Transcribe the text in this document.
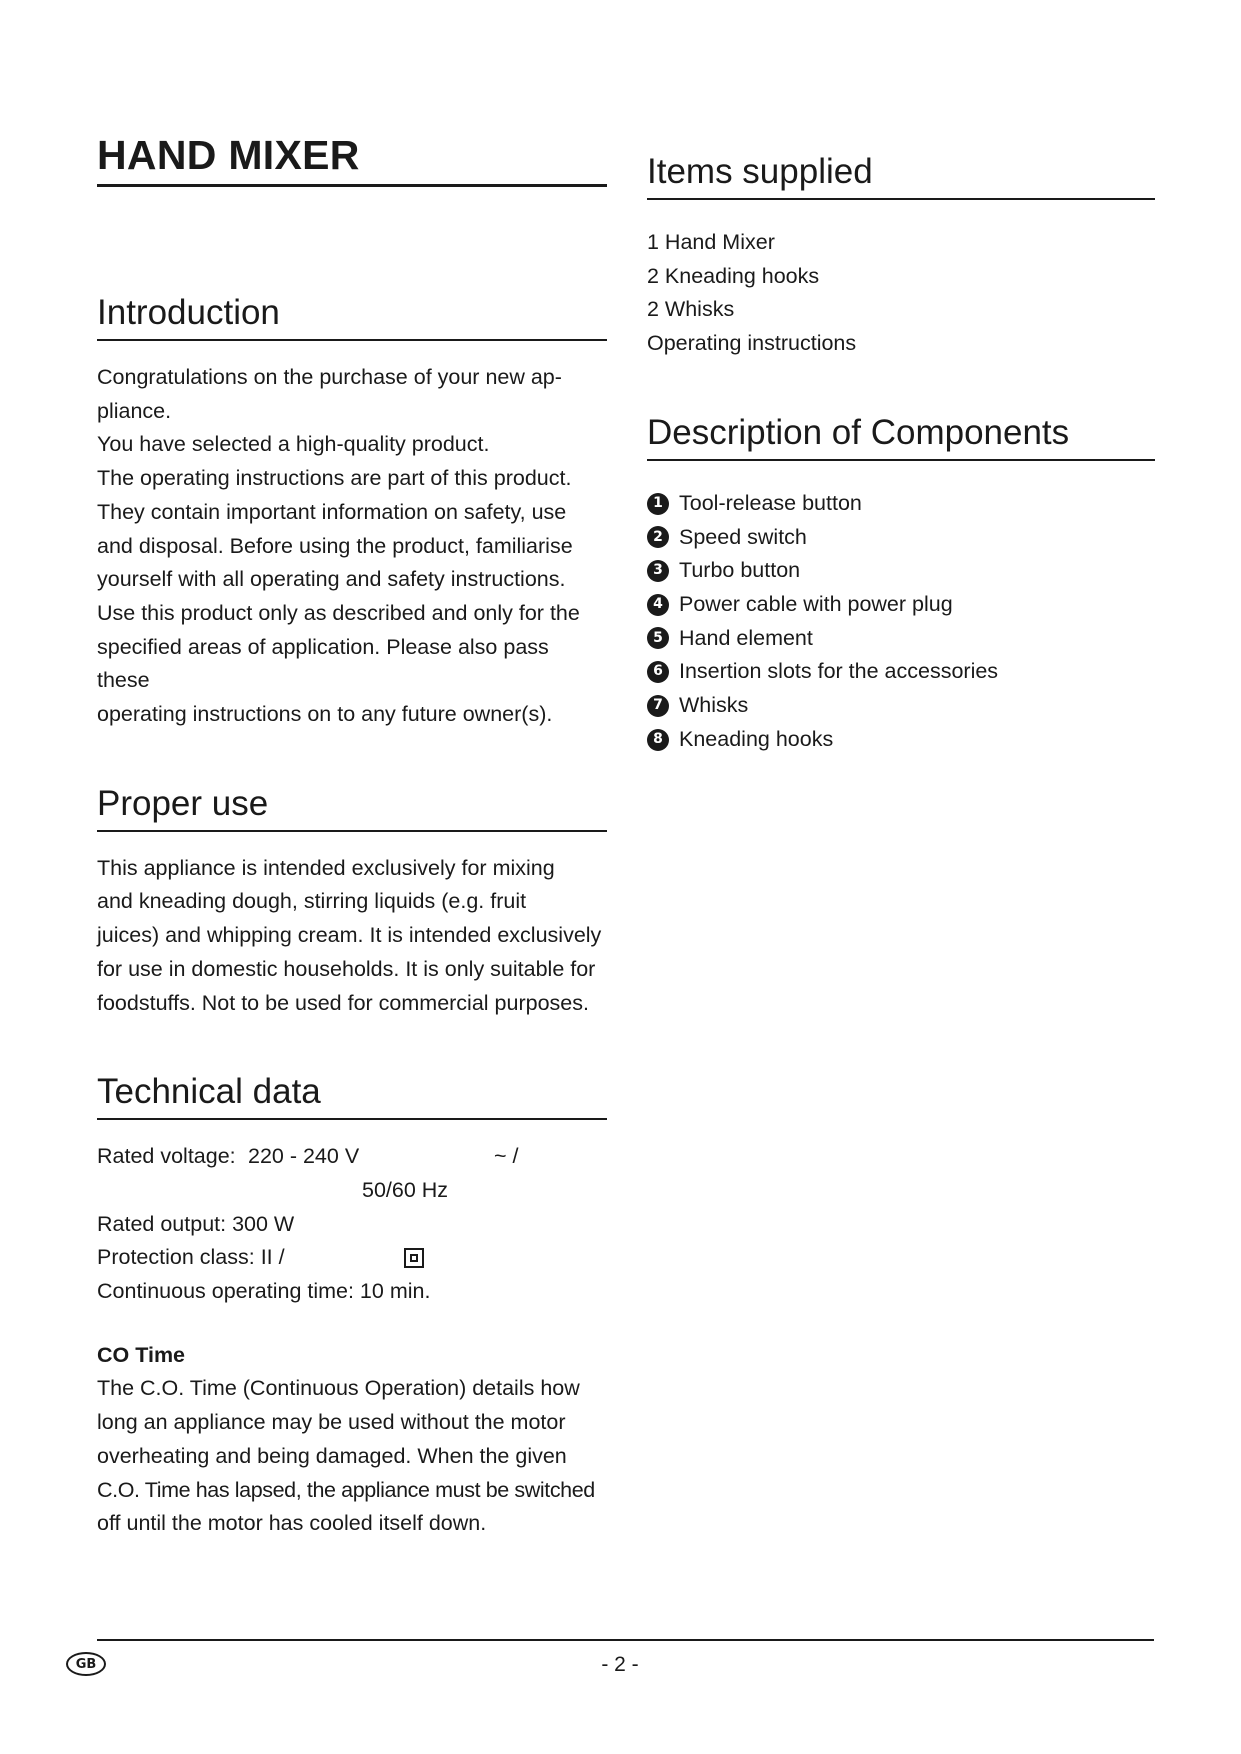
HAND MIXER
Introduction
Congratulations on the purchase of your new ap-
pliance.
You have selected a high-quality product.
The operating instructions are part of this product.
They contain important information on safety, use
and disposal. Before using the product, familiarise
yourself with all operating and safety instructions.
Use this product only as described and only for the
specified areas of application. Please also pass these
operating instructions on to any future owner(s).
Proper use
This appliance is intended exclusively for mixing
and kneading dough, stirring liquids (e.g. fruit
juices) and whipping cream. It is intended exclusively
for use in domestic households. It is only suitable for
foodstuffs. Not to be used for commercial purposes.
Technical data
Rated voltage: 220 - 240 V	~ /
50/60 Hz
Rated output: 300 W
Protection class: II /
Continuous operating time: 10 min.
CO Time
The C.O. Time (Continuous Operation) details how
long an appliance may be used without the motor
overheating and being damaged. When the given
C.O. Time has lapsed, the appliance must be switched
off until the motor has cooled itself down.
Items supplied
1 Hand Mixer
2 Kneading hooks
2 Whisks
Operating instructions
Description of Components
1 Tool-release button
2 Speed switch
3 Turbo button
4 Power cable with power plug
5 Hand element
6 Insertion slots for the accessories
7 Whisks
8 Kneading hooks
GB	- 2 -
